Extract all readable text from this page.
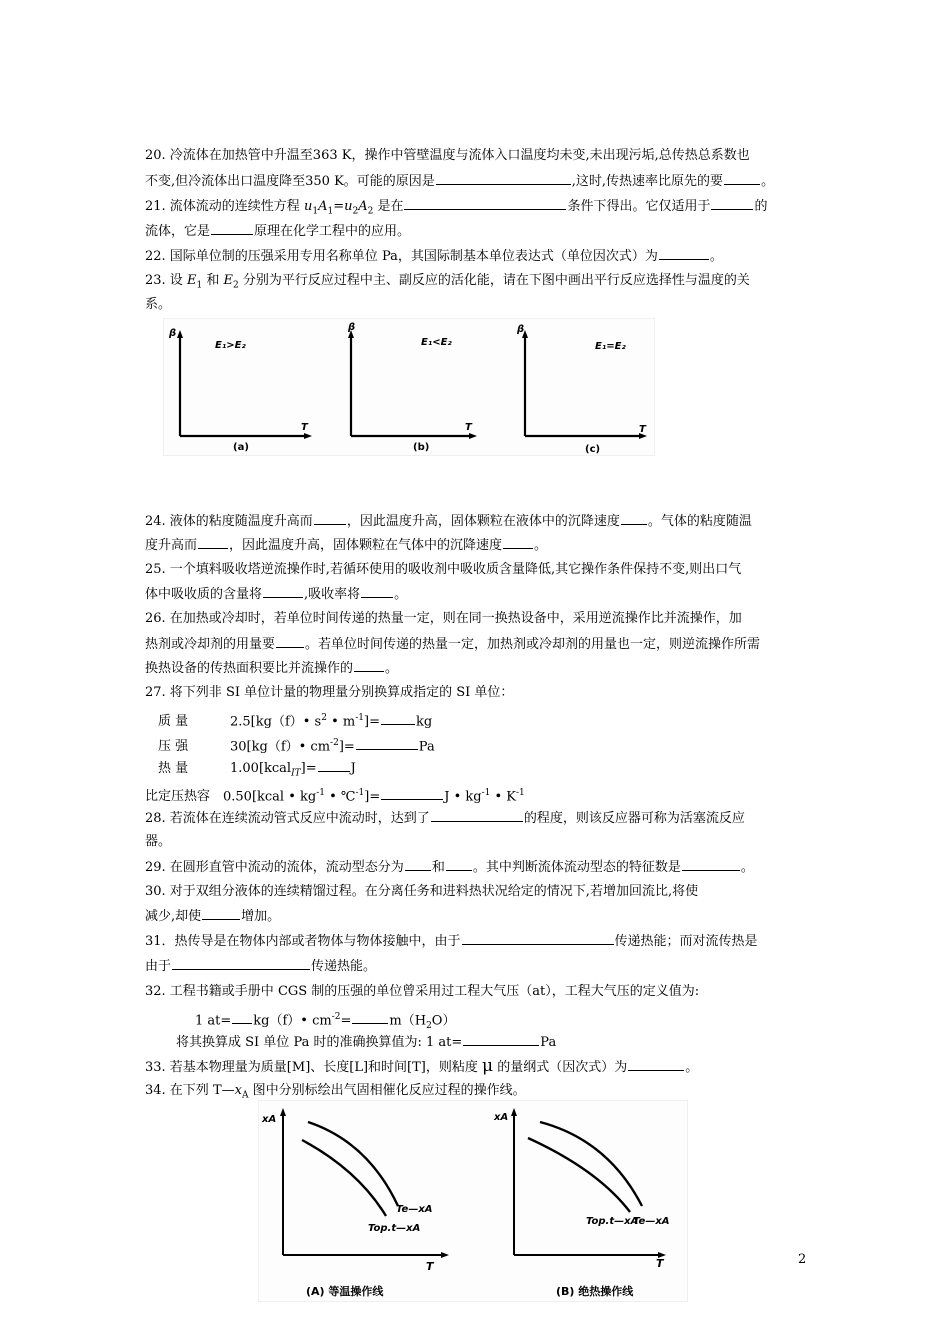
20. 冷流体在加热管中升温至363 K，操作中管壁温度与流体入口温度均未变,未出现污垢,总传热总系数也
不变,但冷流体出口温度降至350 K。可能的原因是	,这时,传热速率比原先的要	。
21. 流体流动的连续性方程 $u_1A_1=u_2A_2$ 是在	条件下得出。它仅适用于	的
流体，它是	原理在化学工程中的应用。
22. 国际单位制的压强采用专用名称单位 Pa，其国际制基本单位表达式（单位因次式）为	。
23. 设 $E_1$ 和 $E_2$ 分别为平行反应过程中主、副反应的活化能，请在下图中画出平行反应选择性与温度的关
系。
β
T
E₁>E₂
(a)
β
T
E₁<E₂
(b)
β
T
E₁=E₂
(c)
24. 液体的粘度随温度升高而	，因此温度升高，固体颗粒在液体中的沉降速度 。气体的粘度随温
度升高而 ，因此温度升高，固体颗粒在气体中的沉降速度 。
25. 一个填料吸收塔逆流操作时,若循环使用的吸收剂中吸收质含量降低,其它操作条件保持不变,则出口气
体中吸收质的含量将	,吸收率将	。
26. 在加热或冷却时，若单位时间传递的热量一定，则在同一换热设备中，采用逆流操作比并流操作，加
热剂或冷却剂的用量要 。若单位时间传递的热量一定，加热剂或冷却剂的用量也一定，则逆流操作所需
换热设备的传热面积要比并流操作的 。
27. 将下列非 SI 单位计量的物理量分别换算成指定的 SI 单位：
质 量	2.5[kg（f）• $s^2$ • $m^{-1}]=$	kg
压 强	30[kg（f）• $cm^{-2}]=$	Pa
热 量	1.00[kcal$_{IT}$]=	J
比定压热容 0.50[kcal • $kg^{-1}$ • ℃$^{-1}$]=	J • $kg^{-1}$ • $K^{-1}$
28. 若流体在连续流动管式反应中流动时，达到了	的程度，则该反应器可称为活塞流反应
器。
29. 在圆形直管中流动的流体，流动型态分为 和 。其中判断流体流动型态的特征数是	。
30. 对于双组分液体的连续精馏过程。在分离任务和进料热状况给定的情况下,若增加回流比,将使
减少,却使	增加。
31．热传导是在物体内部或者物体与物体接触中，由于	传递热能；而对流传热是
由于	传递热能。
32. 工程书籍或手册中 CGS 制的压强的单位曾采用过工程大气压（at），工程大气压的定义值为:
1 at= kg（f）• $cm^{-2}=$	$m(H_2O)$
将其换算成 SI 单位 Pa 时的准确换算值为: 1 at=	Pa
33. 若基本物理量为质量[M]、长度[L]和时间[T]，则粘度 μ 的量纲式（因次式）为	。
34. 在下列 $T—x_A$ 图中分别标绘出气固相催化反应过程的操作线。
xA
T
Te—xA
Top.t—xA
(A) 等温操作线
xA
T
Te—xA
Top.t—xA
(B) 绝热操作线
2
